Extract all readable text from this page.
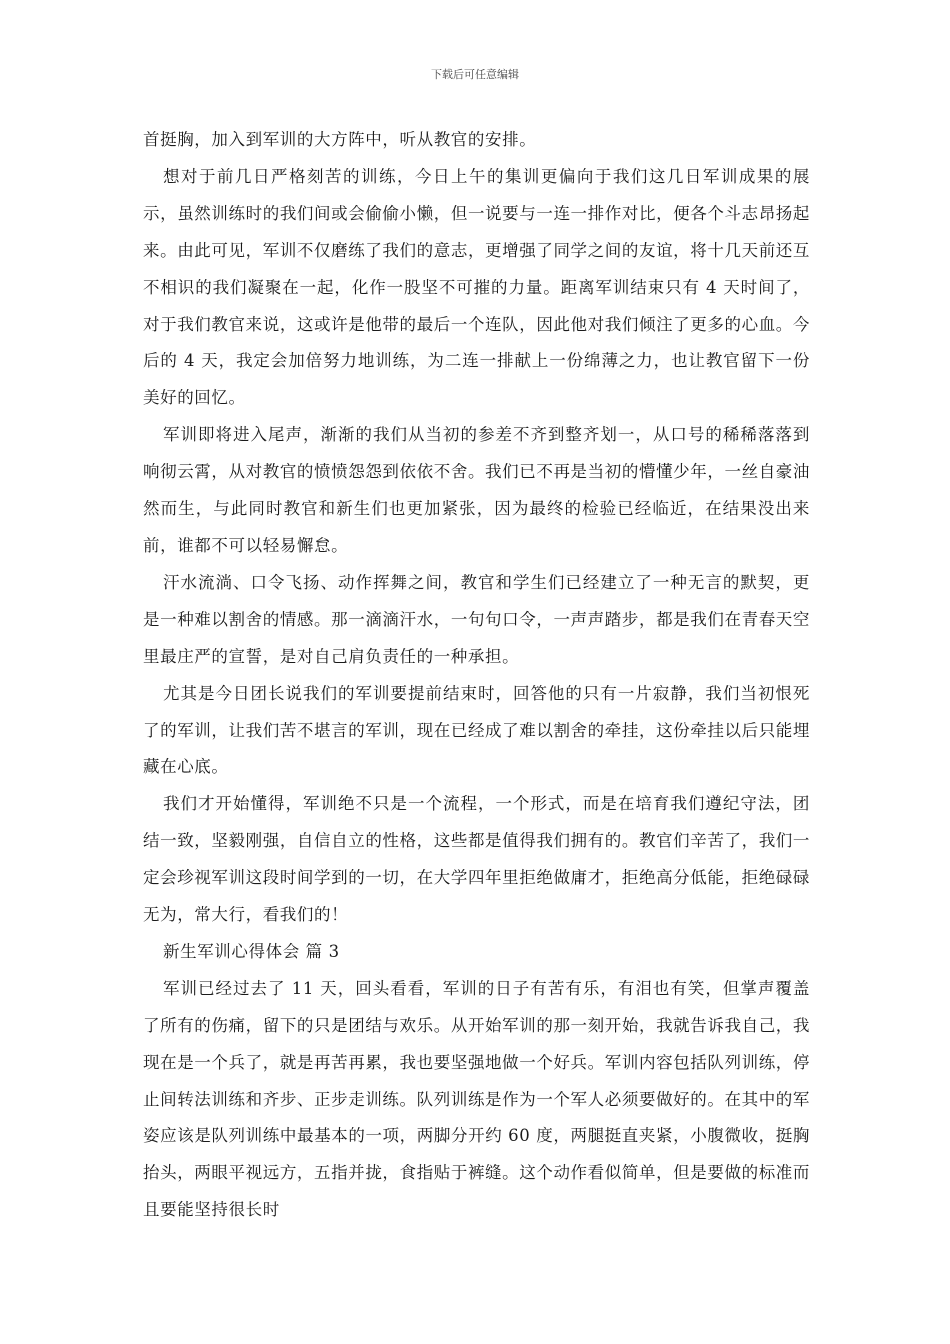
下载后可任意编辑

首挺胸，加入到军训的大方阵中，听从教官的安排。

想对于前几日严格刻苦的训练，今日上午的集训更偏向于我们这几日军训成果的展示，虽然训练时的我们间或会偷偷小懒，但一说要与一连一排作对比，便各个斗志昂扬起来。由此可见，军训不仅磨练了我们的意志，更增强了同学之间的友谊，将十几天前还互不相识的我们凝聚在一起，化作一股坚不可摧的力量。距离军训结束只有 4 天时间了，对于我们教官来说，这或许是他带的最后一个连队，因此他对我们倾注了更多的心血。今后的 4 天，我定会加倍努力地训练，为二连一排献上一份绵薄之力，也让教官留下一份美好的回忆。

军训即将进入尾声，渐渐的我们从当初的参差不齐到整齐划一，从口号的稀稀落落到响彻云霄，从对教官的愤愤怨怨到依依不舍。我们已不再是当初的懵懂少年，一丝自豪油然而生，与此同时教官和新生们也更加紧张，因为最终的检验已经临近，在结果没出来前，谁都不可以轻易懈怠。

汗水流淌、口令飞扬、动作挥舞之间，教官和学生们已经建立了一种无言的默契，更是一种难以割舍的情感。那一滴滴汗水，一句句口令，一声声踏步，都是我们在青春天空里最庄严的宣誓，是对自己肩负责任的一种承担。

尤其是今日团长说我们的军训要提前结束时，回答他的只有一片寂静，我们当初恨死了的军训，让我们苦不堪言的军训，现在已经成了难以割舍的牵挂，这份牵挂以后只能埋藏在心底。

我们才开始懂得，军训绝不只是一个流程，一个形式，而是在培育我们遵纪守法，团结一致，坚毅刚强，自信自立的性格，这些都是值得我们拥有的。教官们辛苦了，我们一定会珍视军训这段时间学到的一切，在大学四年里拒绝做庸才，拒绝高分低能，拒绝碌碌无为，常大行，看我们的！

新生军训心得体会 篇 3

军训已经过去了 11 天，回头看看，军训的日子有苦有乐，有泪也有笑，但掌声覆盖了所有的伤痛，留下的只是团结与欢乐。从开始军训的那一刻开始，我就告诉我自己，我现在是一个兵了，就是再苦再累，我也要坚强地做一个好兵。军训内容包括队列训练，停止间转法训练和齐步、正步走训练。队列训练是作为一个军人必须要做好的。在其中的军姿应该是队列训练中最基本的一项，两脚分开约 60 度，两腿挺直夹紧，小腹微收，挺胸抬头，两眼平视远方，五指并拢，食指贴于裤缝。这个动作看似简单，但是要做的标准而且要能坚持很长时
